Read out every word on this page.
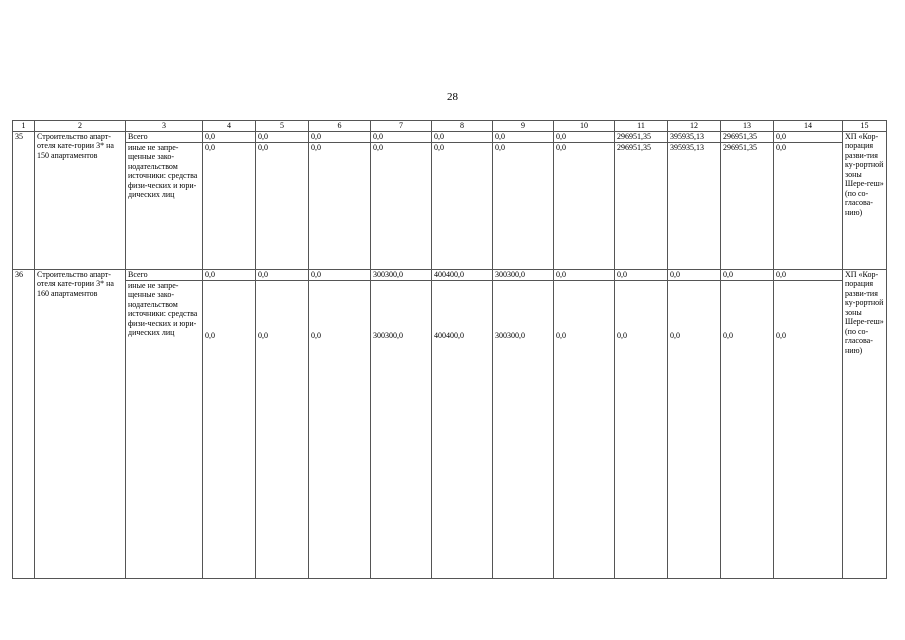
28
1	2	3	4	5	6	7	8	9	10	11	12	13	14	15
35	Строительство апарт-отеля кате-гории 3* на 150 апартаментов	Всего	0,0	0,0	0,0	0,0	0,0	0,0	0,0	296951,35	395935,13	296951,35	0,0	ХП «Кор-порация разви-тия ку-рортной зоны Шере-геш» (по со-гласова-нию)
		иные не запре-щенные зако-нодательством источники: средства физи-ческих и юри-дических лиц	0,0	0,0	0,0	0,0	0,0	0,0	0,0	296951,35	395935,13	296951,35	0,0	
36	Строительство апарт-отеля кате-гории 3* на 160 апартаментов	Всего	0,0	0,0	0,0	300300,0	400400,0	300300,0	0,0	0,0	0,0	0,0	0,0	ХП «Кор-порация разви-тия ку-рортной зоны Шере-геш» (по со-гласова-нию)
		иные не запре-щенные зако-нодательством источники: средства физи-ческих и юри-дических лиц	0,0	0,0	0,0	300300,0	400400,0	300300,0	0,0	0,0	0,0	0,0	0,0	
